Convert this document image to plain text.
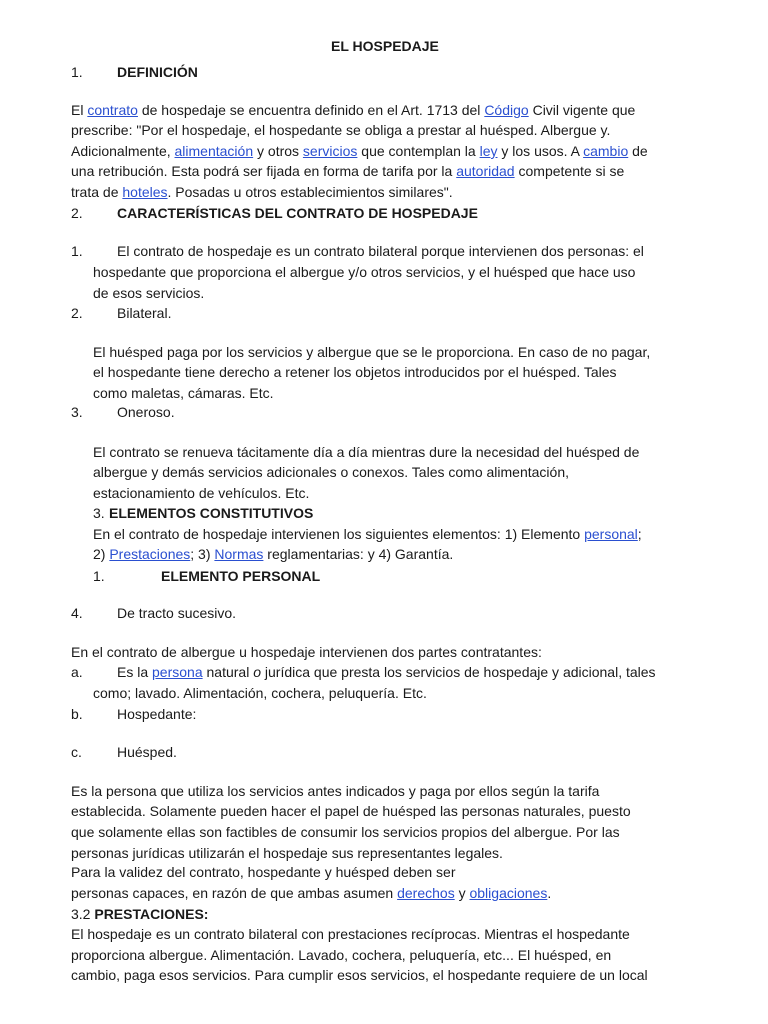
EL HOSPEDAJE
1. DEFINICIÓN
El contrato de hospedaje se encuentra definido en el Art. 1713 del Código Civil vigente que
prescribe: "Por el hospedaje, el hospedante se obliga a prestar al huésped. Albergue y.
Adicionalmente, alimentación y otros servicios que contemplan la ley y los usos. A cambio de
una retribución. Esta podrá ser fijada en forma de tarifa por la autoridad competente si se
trata de hoteles. Posadas u otros establecimientos similares".
2. CARACTERÍSTICAS DEL CONTRATO DE HOSPEDAJE
1. El contrato de hospedaje es un contrato bilateral porque intervienen dos personas: el
hospedante que proporciona el albergue y/o otros servicios, y el huésped que hace uso
de esos servicios.
2. Bilateral.
El huésped paga por los servicios y albergue que se le proporciona. En caso de no pagar,
el hospedante tiene derecho a retener los objetos introducidos por el huésped. Tales
como maletas, cámaras. Etc.
3. Oneroso.
El contrato se renueva tácitamente día a día mientras dure la necesidad del huésped de
albergue y demás servicios adicionales o conexos. Tales como alimentación,
estacionamiento de vehículos. Etc.
3. ELEMENTOS CONSTITUTIVOS
En el contrato de hospedaje intervienen los siguientes elementos: 1) Elemento personal;
2) Prestaciones; 3) Normas reglamentarias: y 4) Garantía.
1.	ELEMENTO PERSONAL
4. De tracto sucesivo.
En el contrato de albergue u hospedaje intervienen dos partes contratantes:
a. Es la persona natural o jurídica que presta los servicios de hospedaje y adicional, tales
como; lavado. Alimentación, cochera, peluquería. Etc.
b. Hospedante:
c.	Huésped.
Es la persona que utiliza los servicios antes indicados y paga por ellos según la tarifa
establecida. Solamente pueden hacer el papel de huésped las personas naturales, puesto
que solamente ellas son factibles de consumir los servicios propios del albergue. Por las
personas jurídicas utilizarán el hospedaje sus representantes legales.
Para la validez del contrato, hospedante y huésped deben ser
personas capaces, en razón de que ambas asumen derechos y obligaciones.
3.2 PRESTACIONES:
El hospedaje es un contrato bilateral con prestaciones recíprocas. Mientras el hospedante
proporciona albergue. Alimentación. Lavado, cochera, peluquería, etc... El huésped, en
cambio, paga esos servicios. Para cumplir esos servicios, el hospedante requiere de un local
